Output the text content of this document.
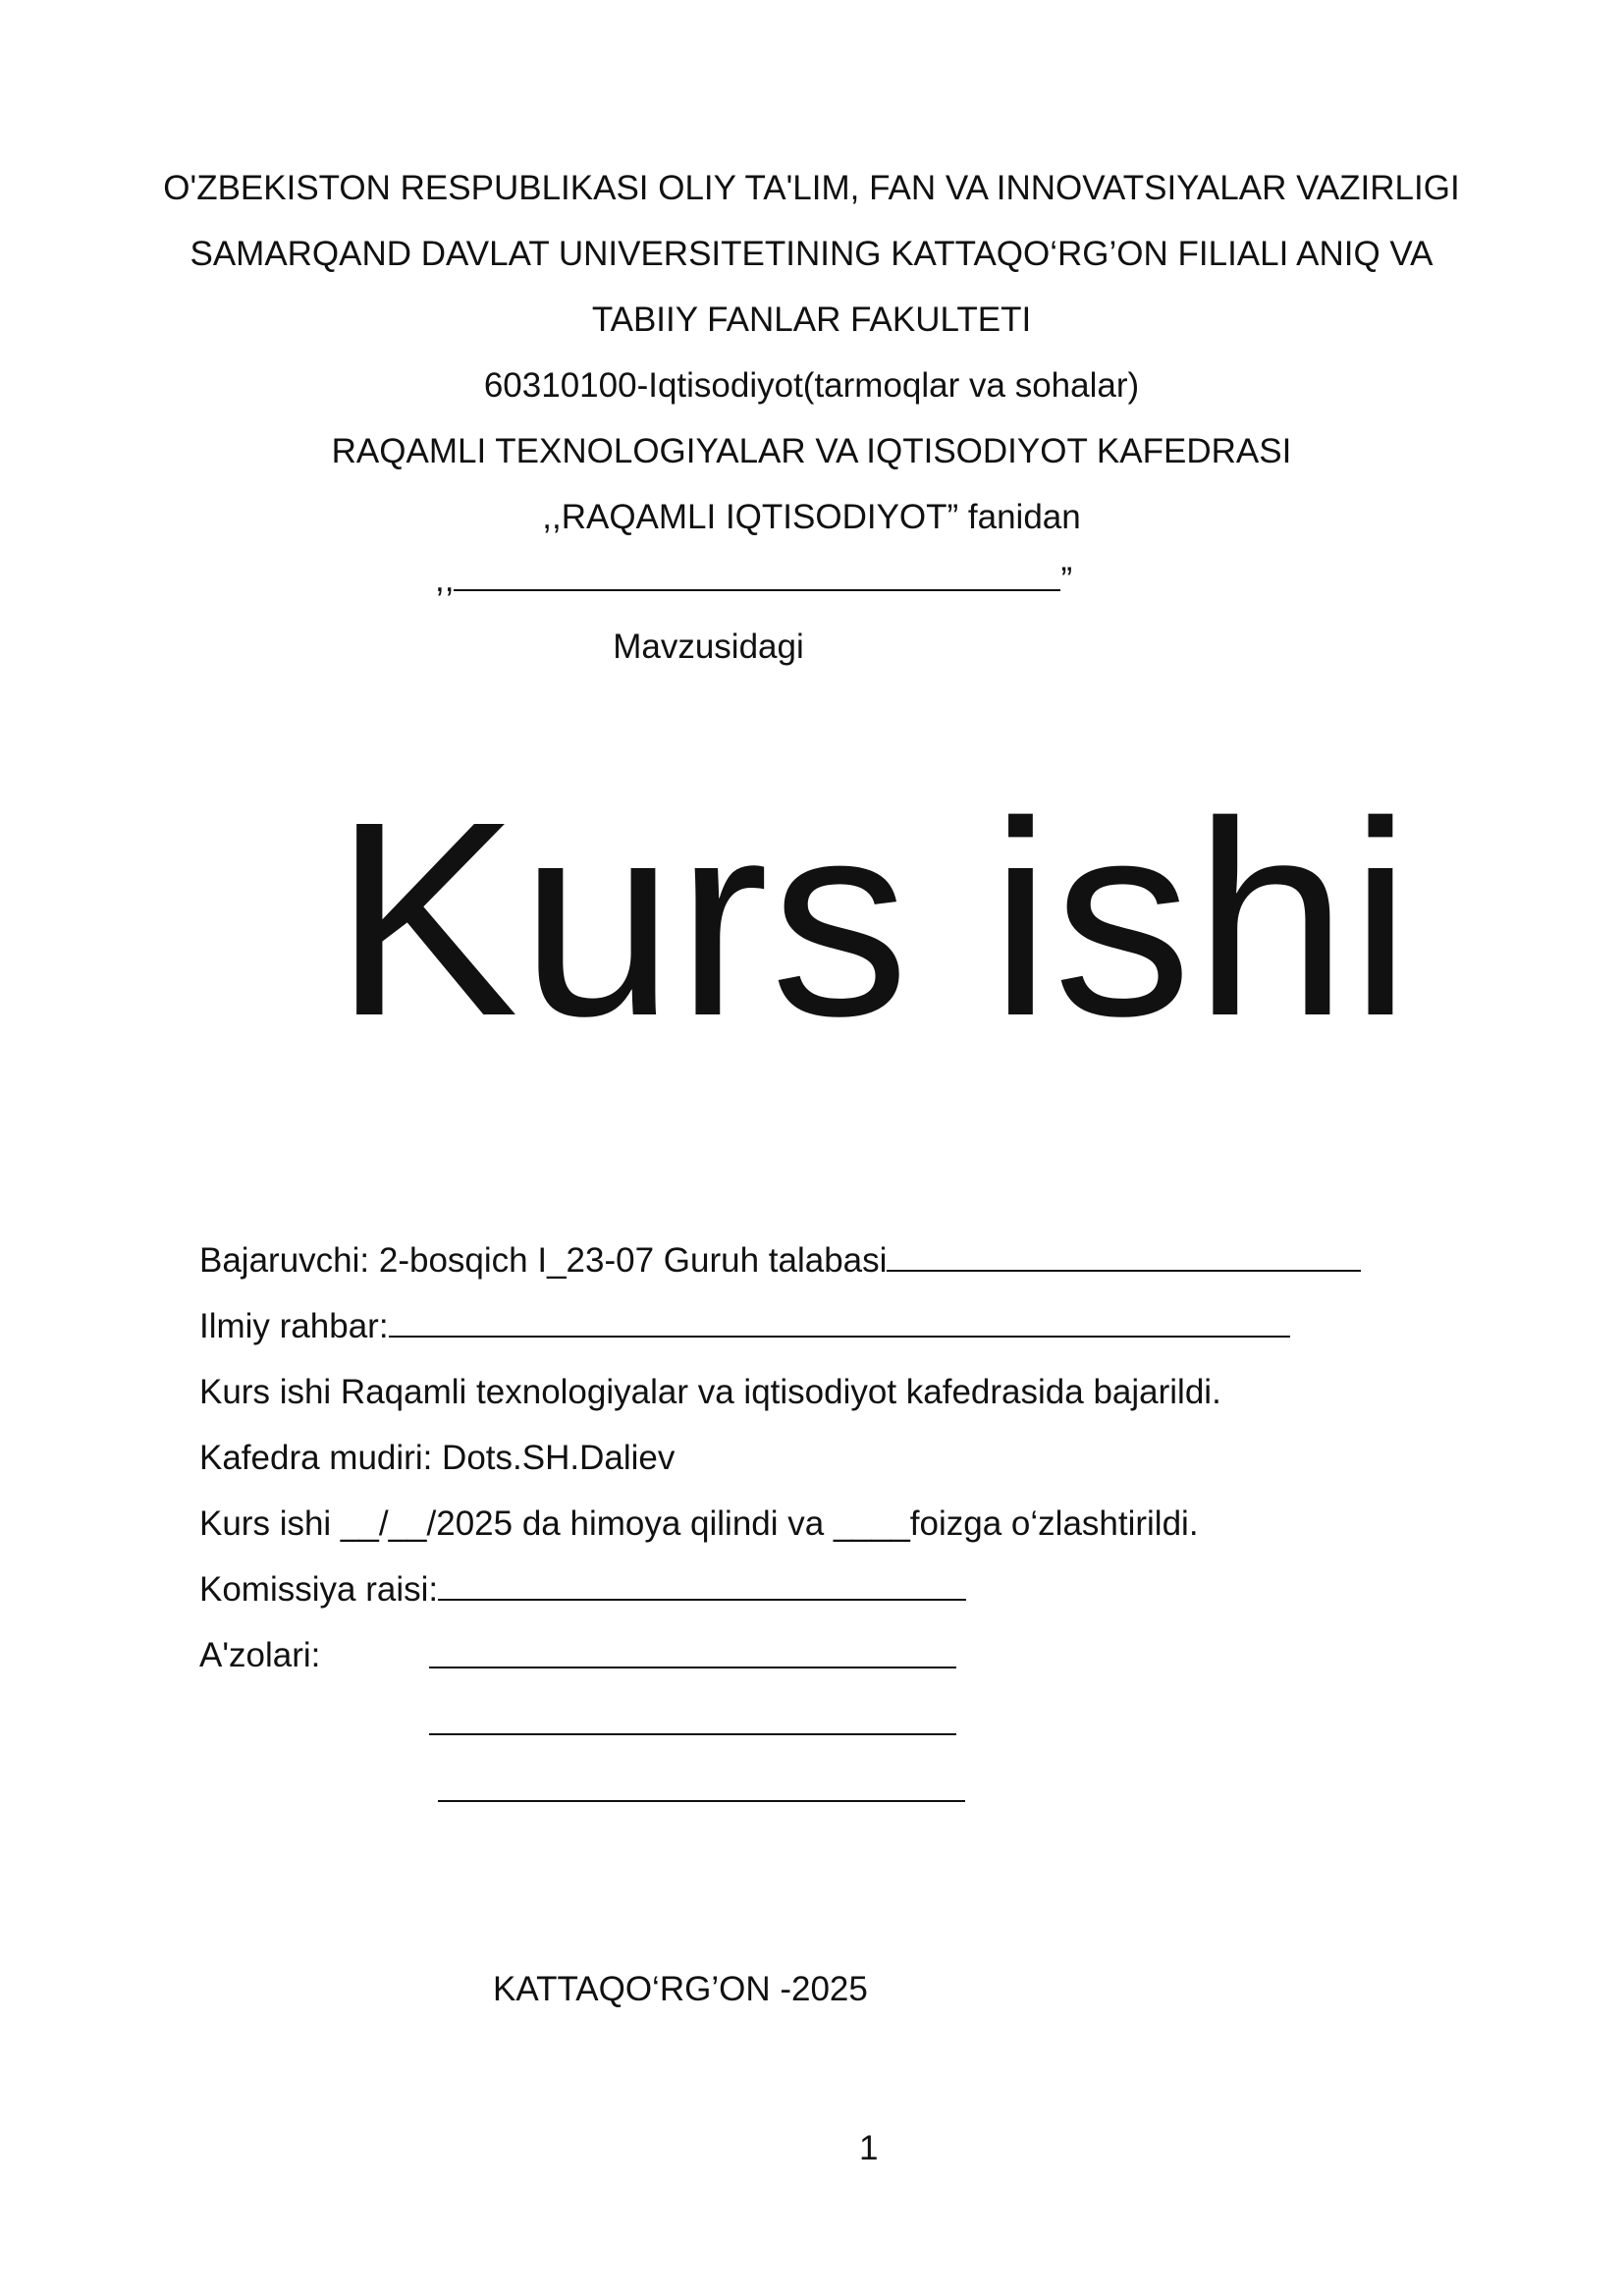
O'ZBEKISTON RESPUBLIKASI OLIY TA'LIM, FAN VA INNOVATSIYALAR VAZIRLIGI
SAMARQAND DAVLAT UNIVERSITETINING KATTAQO‘RG’ON FILIALI ANIQ VA
TABIIY FANLAR FAKULTETI
60310100-Iqtisodiyot(tarmoqlar va sohalar)
RAQAMLI TEXNOLOGIYALAR VA IQTISODIYOT KAFEDRASI
,,RAQAMLI IQTISODIYOT” fanidan
,,	”
Mavzusidagi
Kurs ishi
Bajaruvchi: 2-bosqich I_23-07 Guruh talabasi
Ilmiy rahbar:
Kurs ishi Raqamli texnologiyalar va iqtisodiyot kafedrasida bajarildi.
Kafedra mudiri: Dots.SH.Daliev
Kurs ishi __/__/2025 da himoya qilindi va ____foizga o‘zlashtirildi.
Komissiya raisi:
A'zolari:
KATTAQO‘RG’ON -2025
1
